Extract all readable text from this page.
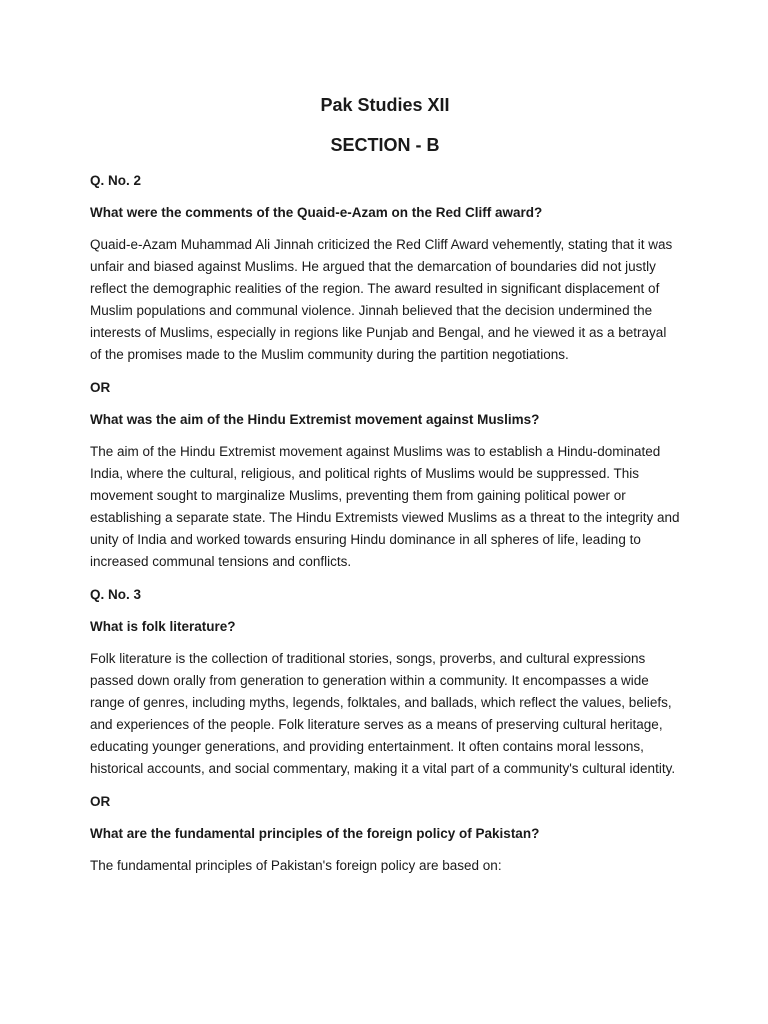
Pak Studies XII
SECTION - B

Q. No. 2

What were the comments of the Quaid-e-Azam on the Red Cliff award?

Quaid-e-Azam Muhammad Ali Jinnah criticized the Red Cliff Award vehemently, stating that it was unfair and biased against Muslims. He argued that the demarcation of boundaries did not justly reflect the demographic realities of the region. The award resulted in significant displacement of Muslim populations and communal violence. Jinnah believed that the decision undermined the interests of Muslims, especially in regions like Punjab and Bengal, and he viewed it as a betrayal of the promises made to the Muslim community during the partition negotiations.

OR

What was the aim of the Hindu Extremist movement against Muslims?

The aim of the Hindu Extremist movement against Muslims was to establish a Hindu-dominated India, where the cultural, religious, and political rights of Muslims would be suppressed. This movement sought to marginalize Muslims, preventing them from gaining political power or establishing a separate state. The Hindu Extremists viewed Muslims as a threat to the integrity and unity of India and worked towards ensuring Hindu dominance in all spheres of life, leading to increased communal tensions and conflicts.

Q. No. 3

What is folk literature?

Folk literature is the collection of traditional stories, songs, proverbs, and cultural expressions passed down orally from generation to generation within a community. It encompasses a wide range of genres, including myths, legends, folktales, and ballads, which reflect the values, beliefs, and experiences of the people. Folk literature serves as a means of preserving cultural heritage, educating younger generations, and providing entertainment. It often contains moral lessons, historical accounts, and social commentary, making it a vital part of a community's cultural identity.

OR

What are the fundamental principles of the foreign policy of Pakistan?

The fundamental principles of Pakistan's foreign policy are based on:
